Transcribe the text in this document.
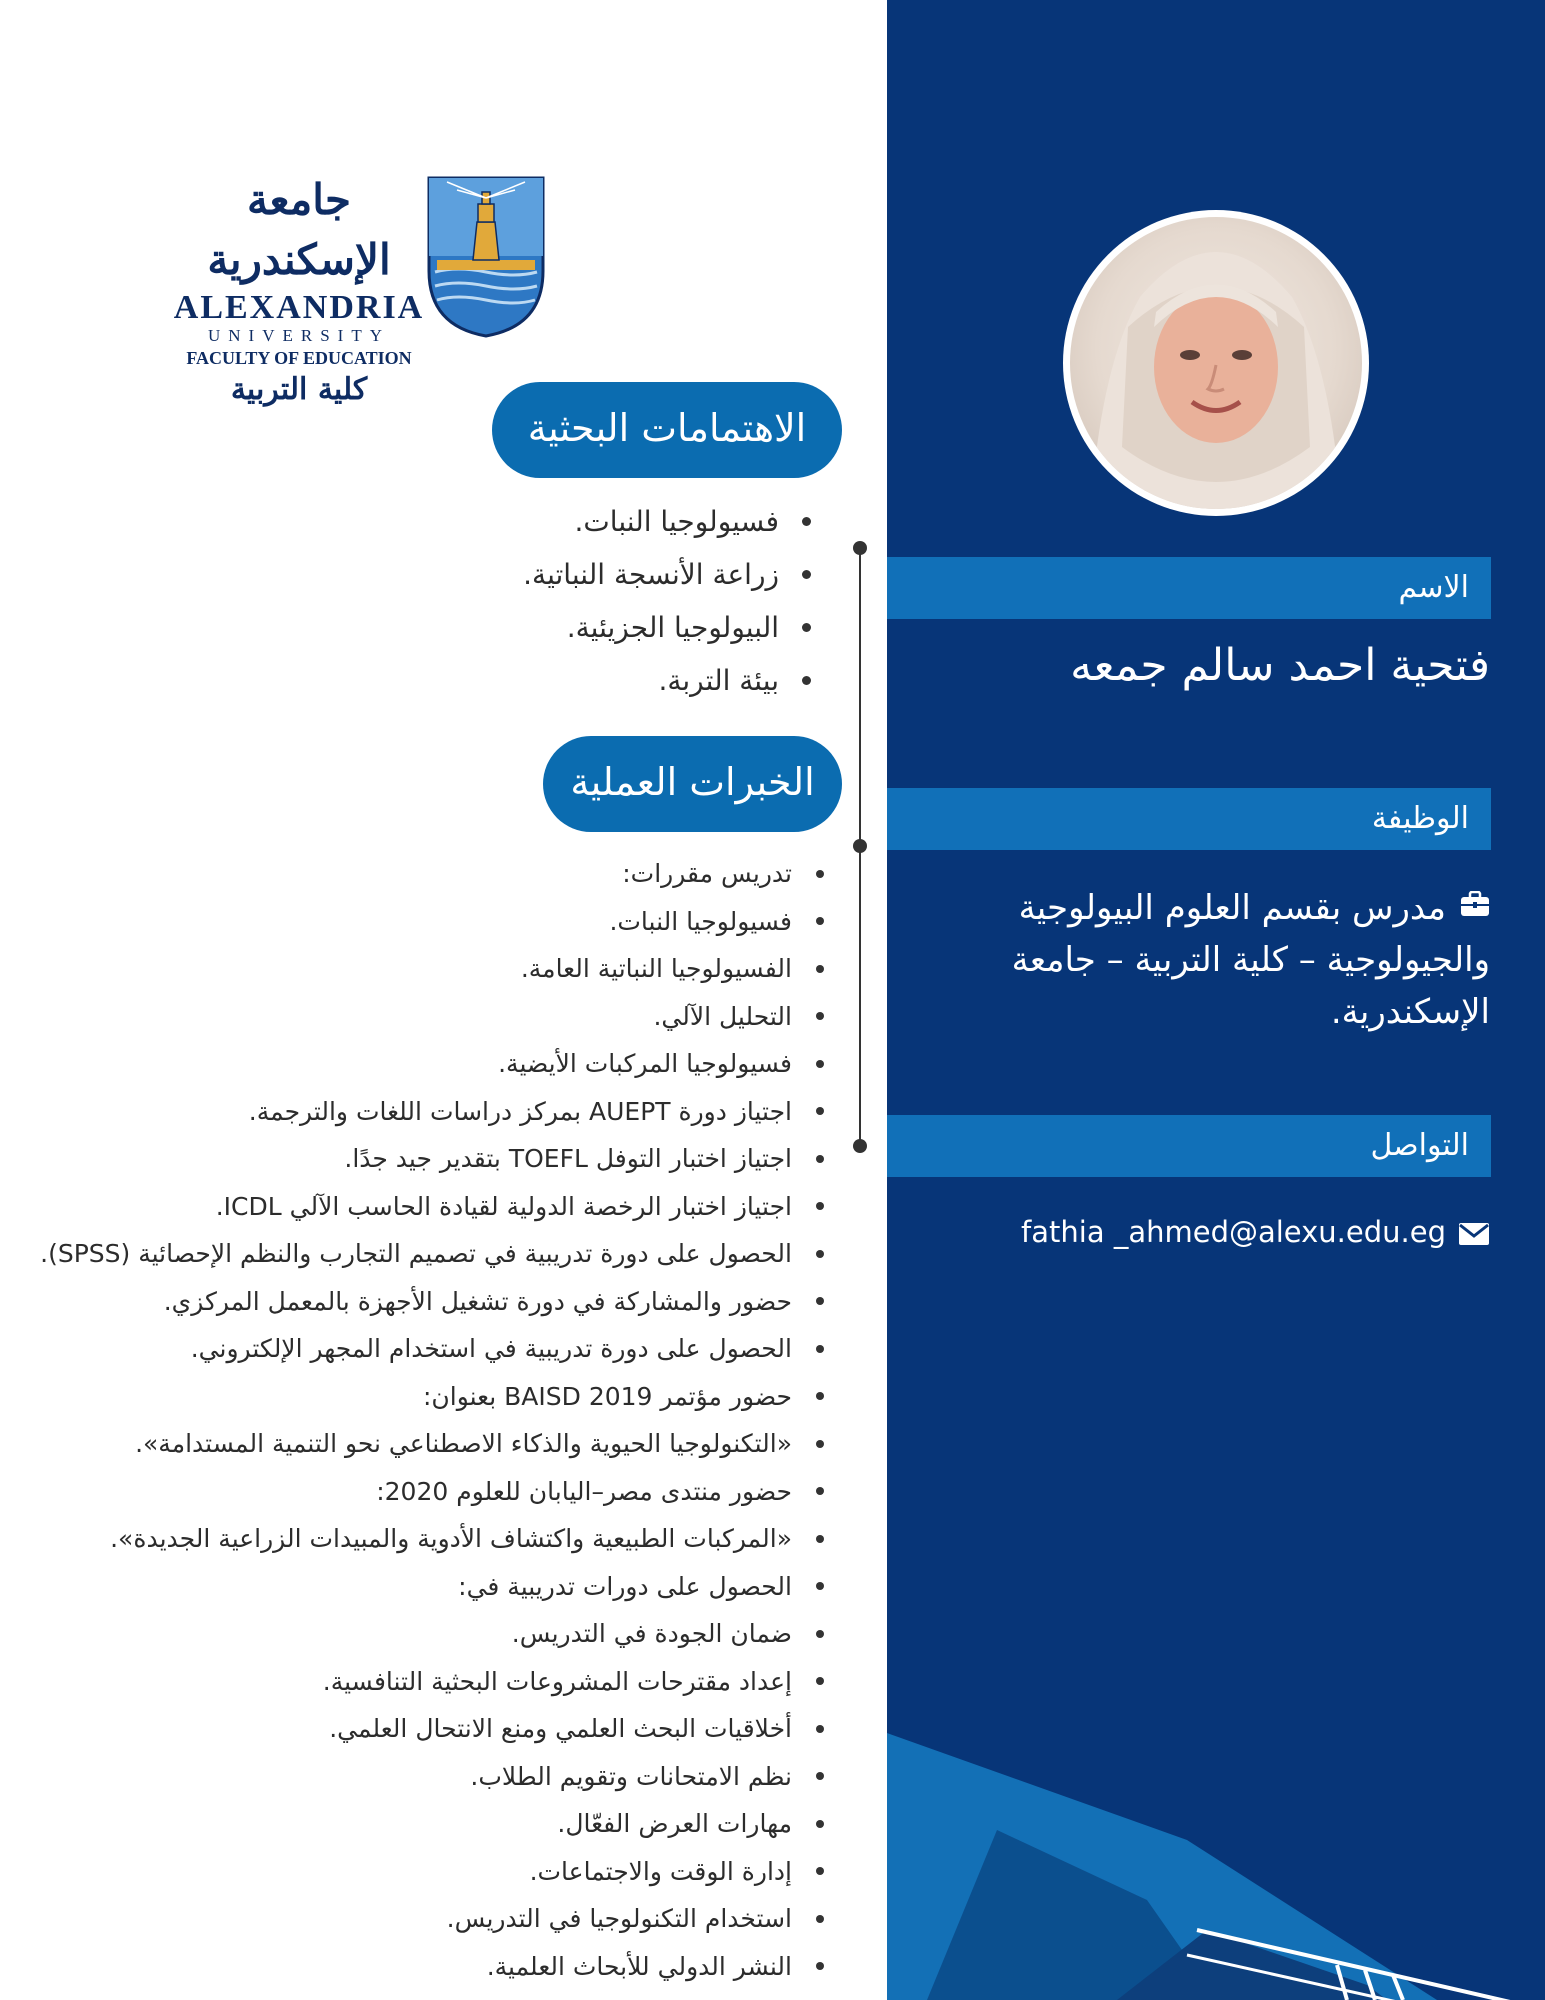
جامعة الإسكندرية
ALEXANDRIA
UNIVERSITY
FACULTY OF EDUCATION
كلية التربية
الاهتمامات البحثية
فسيولوجيا النبات.
زراعة الأنسجة النباتية.
البيولوجيا الجزيئية.
بيئة التربة.
الخبرات العملية
تدريس مقررات:
فسيولوجيا النبات.
الفسيولوجيا النباتية العامة.
التحليل الآلي.
فسيولوجيا المركبات الأيضية.
اجتياز دورة AUEPT بمركز دراسات اللغات والترجمة.
اجتياز اختبار التوفل TOEFL بتقدير جيد جدًا.
اجتياز اختبار الرخصة الدولية لقيادة الحاسب الآلي ICDL.
الحصول على دورة تدريبية في تصميم التجارب والنظم الإحصائية (SPSS).
حضور والمشاركة في دورة تشغيل الأجهزة بالمعمل المركزي.
الحصول على دورة تدريبية في استخدام المجهر الإلكتروني.
حضور مؤتمر BAISD 2019 بعنوان:
«التكنولوجيا الحيوية والذكاء الاصطناعي نحو التنمية المستدامة».
حضور منتدى مصر–اليابان للعلوم 2020:
«المركبات الطبيعية واكتشاف الأدوية والمبيدات الزراعية الجديدة».
الحصول على دورات تدريبية في:
ضمان الجودة في التدريس.
إعداد مقترحات المشروعات البحثية التنافسية.
أخلاقيات البحث العلمي ومنع الانتحال العلمي.
نظم الامتحانات وتقويم الطلاب.
مهارات العرض الفعّال.
إدارة الوقت والاجتماعات.
استخدام التكنولوجيا في التدريس.
النشر الدولي للأبحاث العلمية.
الاسم
فتحية احمد سالم جمعه
الوظيفة
مدرس بقسم العلوم البيولوجية والجيولوجية – كلية التربية – جامعة الإسكندرية.
التواصل
fathia _ahmed@alexu.edu.eg
